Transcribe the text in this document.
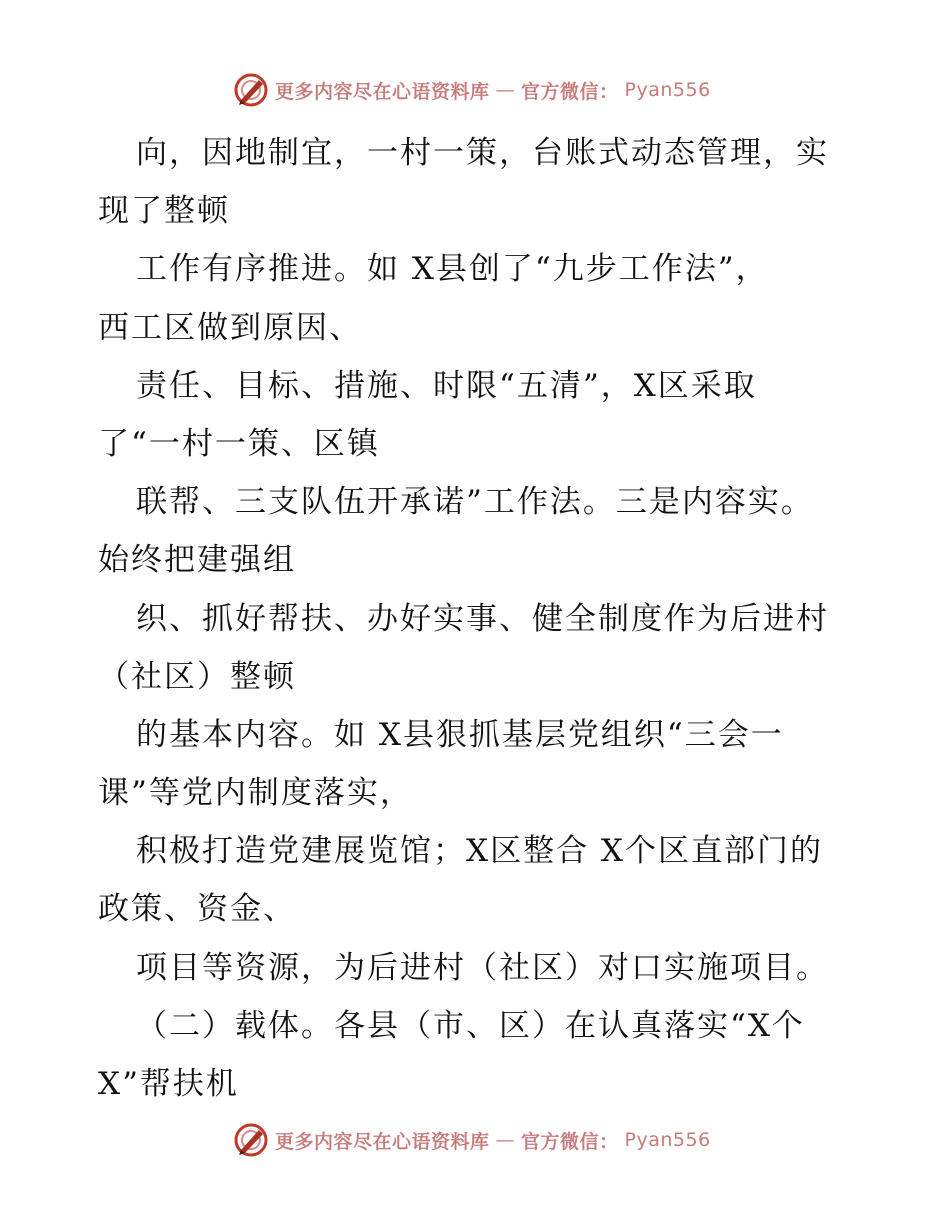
更多内容尽在心语资料库 — 官方微信： Pyan556
向，因地制宜，一村一策，台账式动态管理，实
现了整顿
工作有序推进。如 X县创了“九步工作法”，
西工区做到原因、
责任、目标、措施、时限“五清”，X区采取
了“一村一策、区镇
联帮、三支队伍开承诺”工作法。三是内容实。
始终把建强组
织、抓好帮扶、办好实事、健全制度作为后进村
（社区）整顿
的基本内容。如 X县狠抓基层党组织“三会一
课”等党内制度落实，
积极打造党建展览馆；X区整合 X个区直部门的
政策、资金、
项目等资源，为后进村（社区）对口实施项目。
（二）载体。各县（市、区）在认真落实“X个
X”帮扶机
更多内容尽在心语资料库 — 官方微信： Pyan556
